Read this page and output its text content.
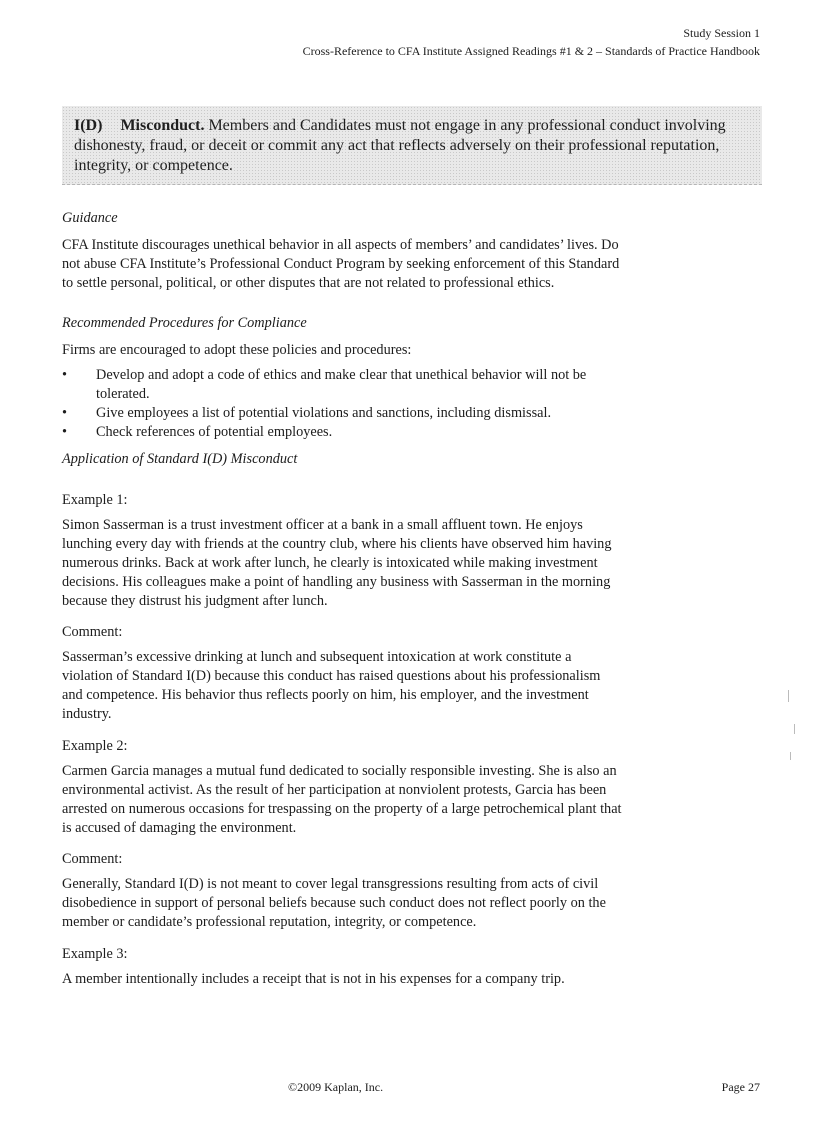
Study Session 1
Cross-Reference to CFA Institute Assigned Readings #1 & 2 – Standards of Practice Handbook
I(D) Misconduct. Members and Candidates must not engage in any professional conduct involving dishonesty, fraud, or deceit or commit any act that reflects adversely on their professional reputation, integrity, or competence.

Guidance

CFA Institute discourages unethical behavior in all aspects of members’ and candidates’ lives. Do not abuse CFA Institute’s Professional Conduct Program by seeking enforcement of this Standard to settle personal, political, or other disputes that are not related to professional ethics.

Recommended Procedures for Compliance

Firms are encouraged to adopt these policies and procedures:

• Develop and adopt a code of ethics and make clear that unethical behavior will not be tolerated.
• Give employees a list of potential violations and sanctions, including dismissal.
• Check references of potential employees.

Application of Standard I(D) Misconduct

Example 1:

Simon Sasserman is a trust investment officer at a bank in a small affluent town. He enjoys lunching every day with friends at the country club, where his clients have observed him having numerous drinks. Back at work after lunch, he clearly is intoxicated while making investment decisions. His colleagues make a point of handling any business with Sasserman in the morning because they distrust his judgment after lunch.

Comment:

Sasserman’s excessive drinking at lunch and subsequent intoxication at work constitute a violation of Standard I(D) because this conduct has raised questions about his professionalism and competence. His behavior thus reflects poorly on him, his employer, and the investment industry.

Example 2:

Carmen Garcia manages a mutual fund dedicated to socially responsible investing. She is also an environmental activist. As the result of her participation at nonviolent protests, Garcia has been arrested on numerous occasions for trespassing on the property of a large petrochemical plant that is accused of damaging the environment.

Comment:

Generally, Standard I(D) is not meant to cover legal transgressions resulting from acts of civil disobedience in support of personal beliefs because such conduct does not reflect poorly on the member or candidate’s professional reputation, integrity, or competence.

Example 3:

A member intentionally includes a receipt that is not in his expenses for a company trip.

©2009 Kaplan, Inc.	Page 27
